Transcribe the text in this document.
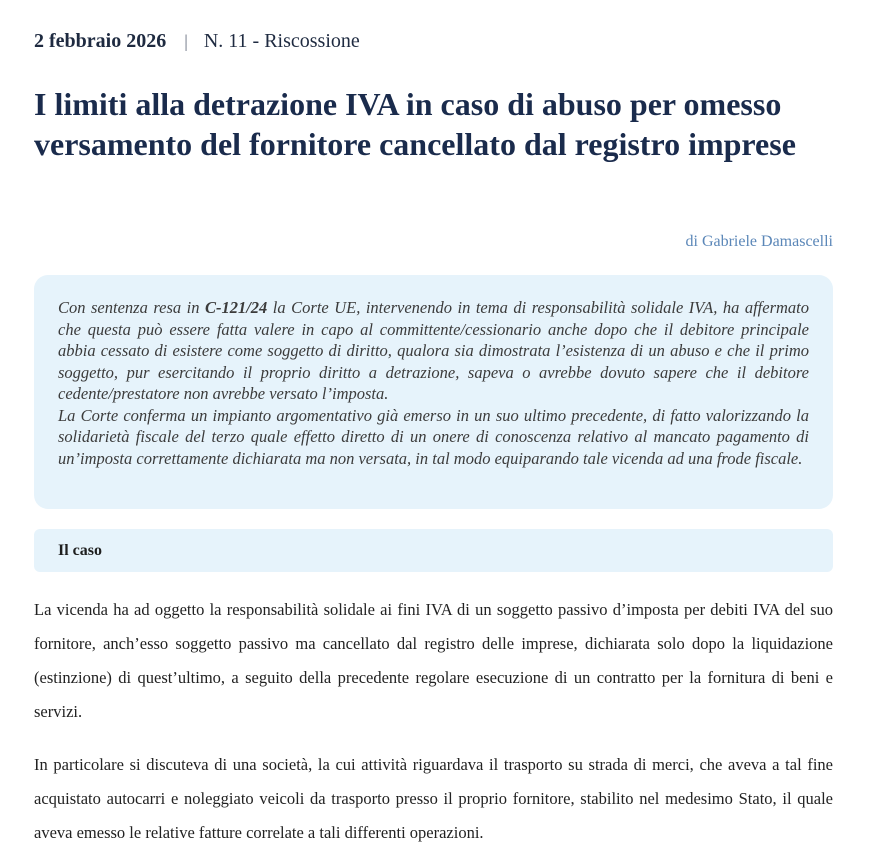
2 febbraio 2026 | N. 11 - Riscossione
I limiti alla detrazione IVA in caso di abuso per omesso versamento del fornitore cancellato dal registro imprese
di Gabriele Damascelli

Con sentenza resa in C-121/24 la Corte UE, intervenendo in tema di responsabilità solidale IVA, ha affermato che questa può essere fatta valere in capo al committente/cessionario anche dopo che il debitore principale abbia cessato di esistere come soggetto di diritto, qualora sia dimostrata l’esistenza di un abuso e che il primo soggetto, pur esercitando il proprio diritto a detrazione, sapeva o avrebbe dovuto sapere che il debitore cedente/prestatore non avrebbe versato l’imposta.

La Corte conferma un impianto argomentativo già emerso in un suo ultimo precedente, di fatto valorizzando la solidarietà fiscale del terzo quale effetto diretto di un onere di conoscenza relativo al mancato pagamento di un’imposta correttamente dichiarata ma non versata, in tal modo equiparando tale vicenda ad una frode fiscale.

Il caso

La vicenda ha ad oggetto la responsabilità solidale ai fini IVA di un soggetto passivo d’imposta per debiti IVA del suo fornitore, anch’esso soggetto passivo ma cancellato dal registro delle imprese, dichiarata solo dopo la liquidazione (estinzione) di quest’ultimo, a seguito della precedente regolare esecuzione di un contratto per la fornitura di beni e servizi.

In particolare si discuteva di una società, la cui attività riguardava il trasporto su strada di merci, che aveva a tal fine acquistato autocarri e noleggiato veicoli da trasporto presso il proprio fornitore, stabilito nel medesimo Stato, il quale aveva emesso le relative fatture correlate a tali differenti operazioni.
